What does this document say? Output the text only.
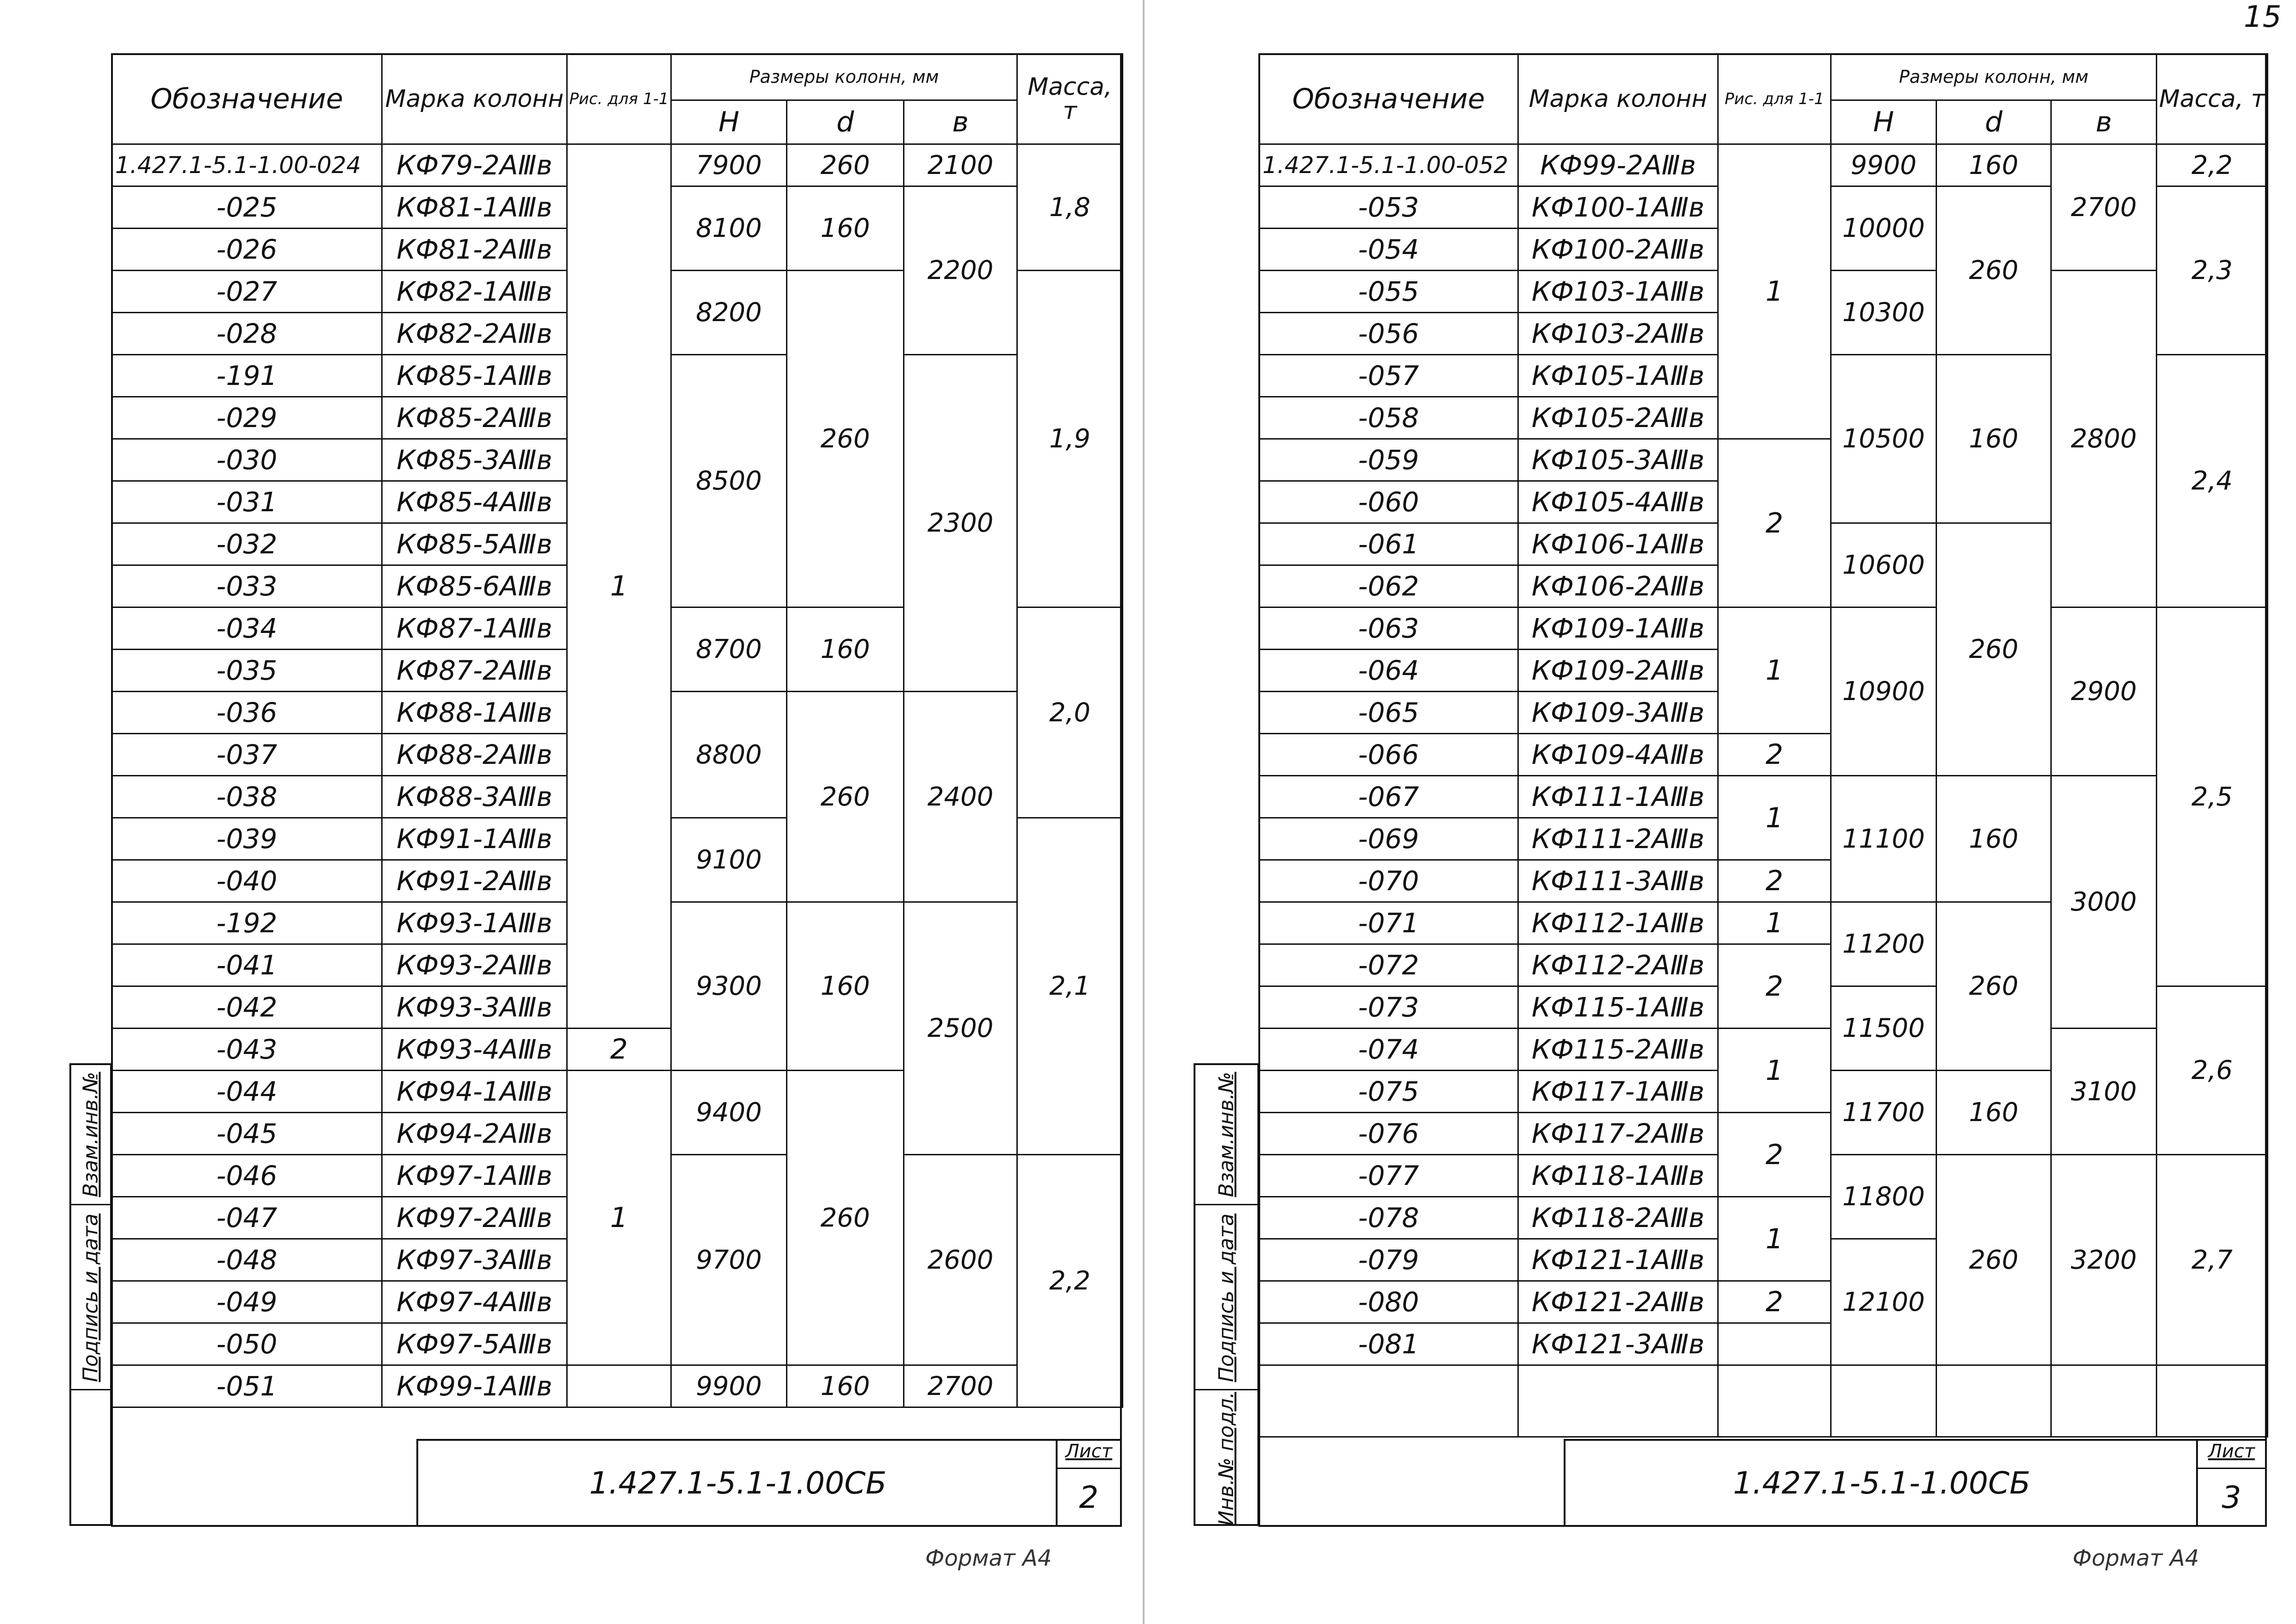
15
Обозначение	Марка колонн	Рис. для 1-1	Размеры колонн, мм			Масса, т
			Н	d	в	
1.427.1-5.1-1.00-024	КФ79-2АⅢв	1	7900	260	2100	1,8
-025	КФ81-1АⅢв		8100	160	2200	
-026	КФ81-2АⅢв					
-027	КФ82-1АⅢв		8200	260		1,9
-028	КФ82-2АⅢв					
-191	КФ85-1АⅢв		8500		2300	
-029	КФ85-2АⅢв					
-030	КФ85-3АⅢв					
-031	КФ85-4АⅢв					
-032	КФ85-5АⅢв					
-033	КФ85-6АⅢв					
-034	КФ87-1АⅢв		8700	160		2,0
-035	КФ87-2АⅢв					
-036	КФ88-1АⅢв		8800	260	2400	
-037	КФ88-2АⅢв					
-038	КФ88-3АⅢв					
-039	КФ91-1АⅢв		9100			2,1
-040	КФ91-2АⅢв					
-192	КФ93-1АⅢв		9300	160	2500	
-041	КФ93-2АⅢв					
-042	КФ93-3АⅢв					
-043	КФ93-4АⅢв	2				
-044	КФ94-1АⅢв	1	9400	260		
-045	КФ94-2АⅢв					
-046	КФ97-1АⅢв		9700		2600	2,2
-047	КФ97-2АⅢв					
-048	КФ97-3АⅢв					
-049	КФ97-4АⅢв					
-050	КФ97-5АⅢв					
-051	КФ99-1АⅢв		9900	160	2700	
1.427.1-5.1-1.00СБ
Лист
2
Обозначение	Марка колонн	Рис. для 1-1	Размеры колонн, мм			Масса, т
			Н	d	в	
1.427.1-5.1-1.00-052	КФ99-2АⅢв	1	9900	160	2700	2,2
-053	КФ100-1АⅢв		10000	260		2,3
-054	КФ100-2АⅢв					
-055	КФ103-1АⅢв		10300		2800	
-056	КФ103-2АⅢв					
-057	КФ105-1АⅢв		10500	160		2,4
-058	КФ105-2АⅢв					
-059	КФ105-3АⅢв	2				
-060	КФ105-4АⅢв					
-061	КФ106-1АⅢв		10600	260		
-062	КФ106-2АⅢв					
-063	КФ109-1АⅢв	1	10900		2900	2,5
-064	КФ109-2АⅢв					
-065	КФ109-3АⅢв					
-066	КФ109-4АⅢв	2				
-067	КФ111-1АⅢв	1	11100	160	3000	
-069	КФ111-2АⅢв					
-070	КФ111-3АⅢв	2				
-071	КФ112-1АⅢв	1	11200	260		
-072	КФ112-2АⅢв	2				
-073	КФ115-1АⅢв		11500			2,6
-074	КФ115-2АⅢв	1			3100	
-075	КФ117-1АⅢв		11700	160		
-076	КФ117-2АⅢв	2				
-077	КФ118-1АⅢв		11800	260	3200	2,7
-078	КФ118-2АⅢв	1				
-079	КФ121-1АⅢв		12100			
-080	КФ121-2АⅢв	2				
-081	КФ121-3АⅢв					

1.427.1-5.1-1.00СБ
Лист
3
Взам.инв.№
Подпись и дата
Взам.инв.№
Подпись и дата
Инв.№ подл.
Формат А4	Формат А4
